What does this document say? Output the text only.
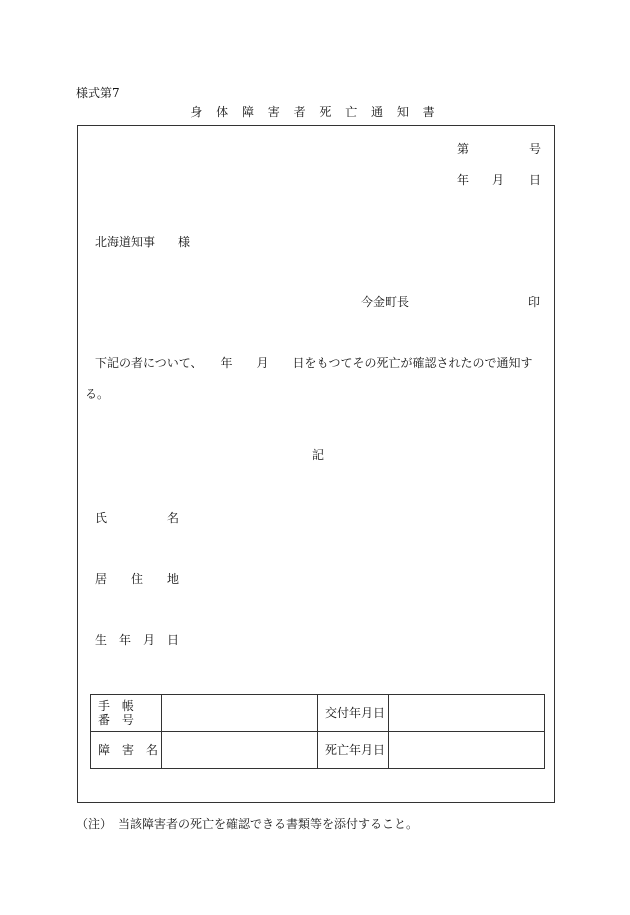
様式第7
身 体 障 害 者 死 亡 通 知 書
第	号
年 月 日
北海道知事 様
今金町長	印
下記の者について、　　年　　月　　日をもつてその死亡が確認されたので通知す
る。
記
氏	名
居 住 地
生 年 月 日
手 帳 番 号		交付年月日	
障　害　名		死亡年月日	
（注）　当該障害者の死亡を確認できる書類等を添付すること。
